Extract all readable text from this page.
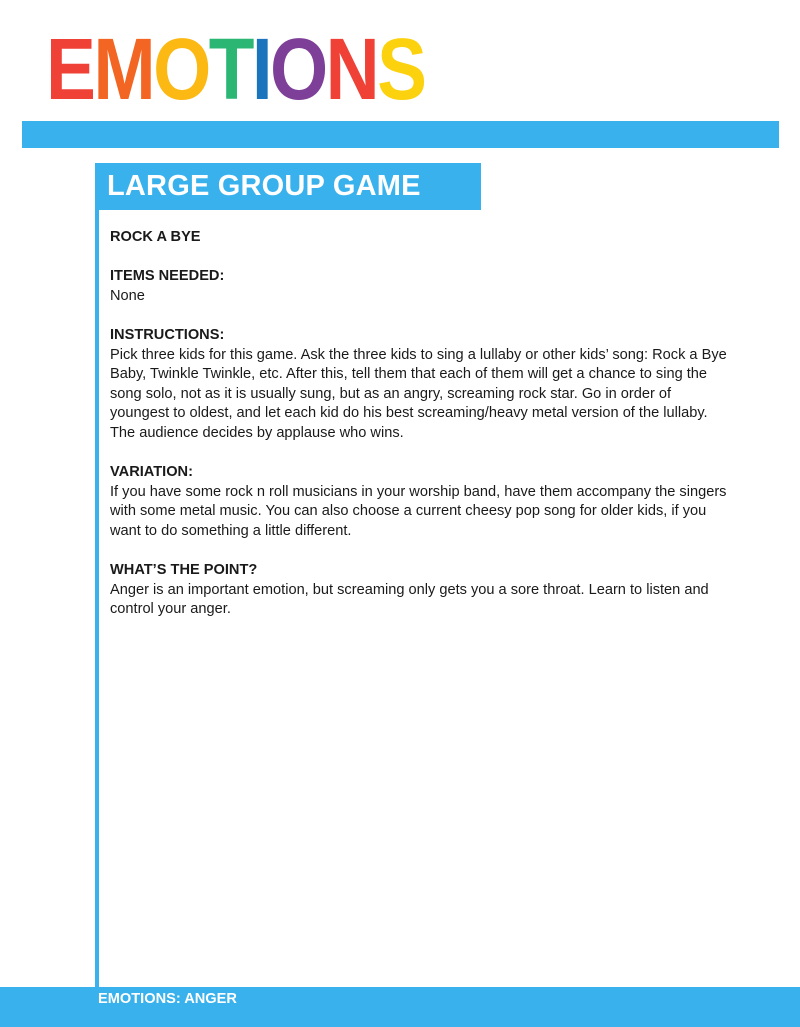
E M O T I O N S
LARGE GROUP GAME

ROCK A BYE

ITEMS NEEDED:

None

INSTRUCTIONS:

Pick three kids for this game. Ask the three kids to sing a lullaby or other kids’ song: Rock a Bye Baby, Twinkle Twinkle, etc. After this, tell them that each of them will get a chance to sing the song solo, not as it is usually sung, but as an angry, screaming rock star. Go in order of youngest to oldest, and let each kid do his best screaming/heavy metal version of the lullaby. The audience decides by applause who wins.

VARIATION:

If you have some rock n roll musicians in your worship band, have them accompany the singers with some metal music. You can also choose a current cheesy pop song for older kids, if you want to do something a little different.

WHAT’S THE POINT?

Anger is an important emotion, but screaming only gets you a sore throat. Learn to listen and control your anger.

EMOTIONS: ANGER
